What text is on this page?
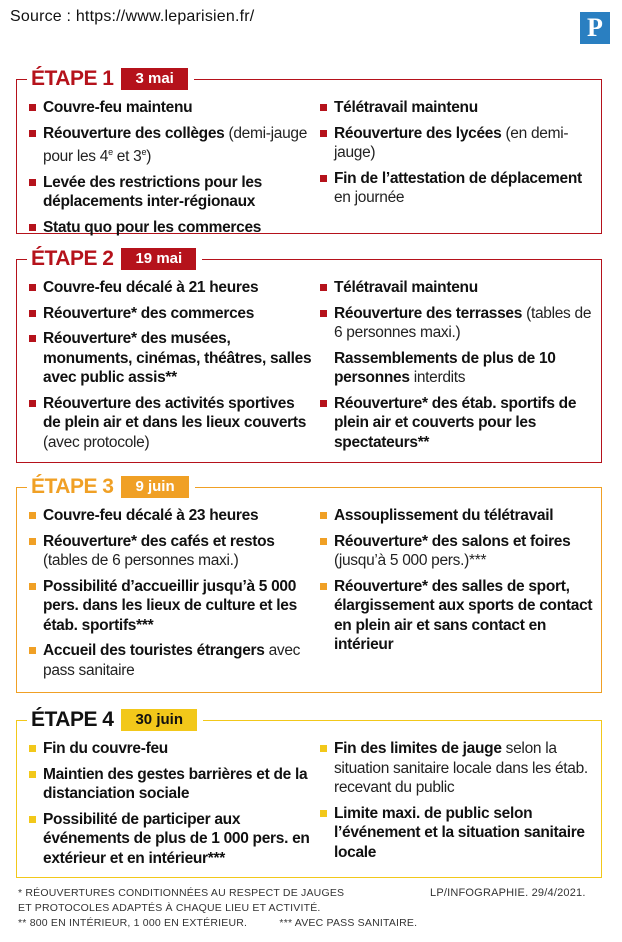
Source : https://www.leparisien.fr/	P
ÉTAPE 1	3 mai
Couvre-feu maintenu
Réouverture des collèges (demi-jauge pour les 4e et 3e)
Levée des restrictions pour les déplacements inter-régionaux
Statu quo pour les commerces
Télétravail maintenu
Réouverture des lycées (en demi-jauge)
Fin de l’attestation de déplacement en journée
ÉTAPE 2	19 mai
Couvre-feu décalé à 21 heures
Réouverture* des commerces
Réouverture* des musées, monuments, cinémas, théâtres, salles avec public assis**
Réouverture des activités sportives de plein air et dans les lieux couverts (avec protocole)
Télétravail maintenu
Réouverture des terrasses (tables de 6 personnes maxi.)
Rassemblements de plus de 10 personnes interdits
Réouverture* des étab. sportifs de plein air et couverts pour les spectateurs**
ÉTAPE 3	9 juin
Couvre-feu décalé à 23 heures
Réouverture* des cafés et restos (tables de 6 personnes maxi.)
Possibilité d’accueillir jusqu’à 5 000 pers. dans les lieux de culture et les étab. sportifs***
Accueil des touristes étrangers avec pass sanitaire
Assouplissement du télétravail
Réouverture* des salons et foires (jusqu’à 5 000 pers.)***
Réouverture* des salles de sport, élargissement aux sports de contact en plein air et sans contact en intérieur
ÉTAPE 4	30 juin
Fin du couvre-feu
Maintien des gestes barrières et de la distanciation sociale
Possibilité de participer aux événements de plus de 1 000 pers. en extérieur et en intérieur***
Fin des limites de jauge selon la situation sanitaire locale dans les étab. recevant du public
Limite maxi. de public selon l’événement et la situation sanitaire locale
* RÉOUVERTURES CONDITIONNÉES AU RESPECT DE JAUGES
ET PROTOCOLES ADAPTÉS À CHAQUE LIEU ET ACTIVITÉ.
** 800 EN INTÉRIEUR, 1 000 EN EXTÉRIEUR.	*** AVEC PASS SANITAIRE.
LP/INFOGRAPHIE. 29/4/2021.
